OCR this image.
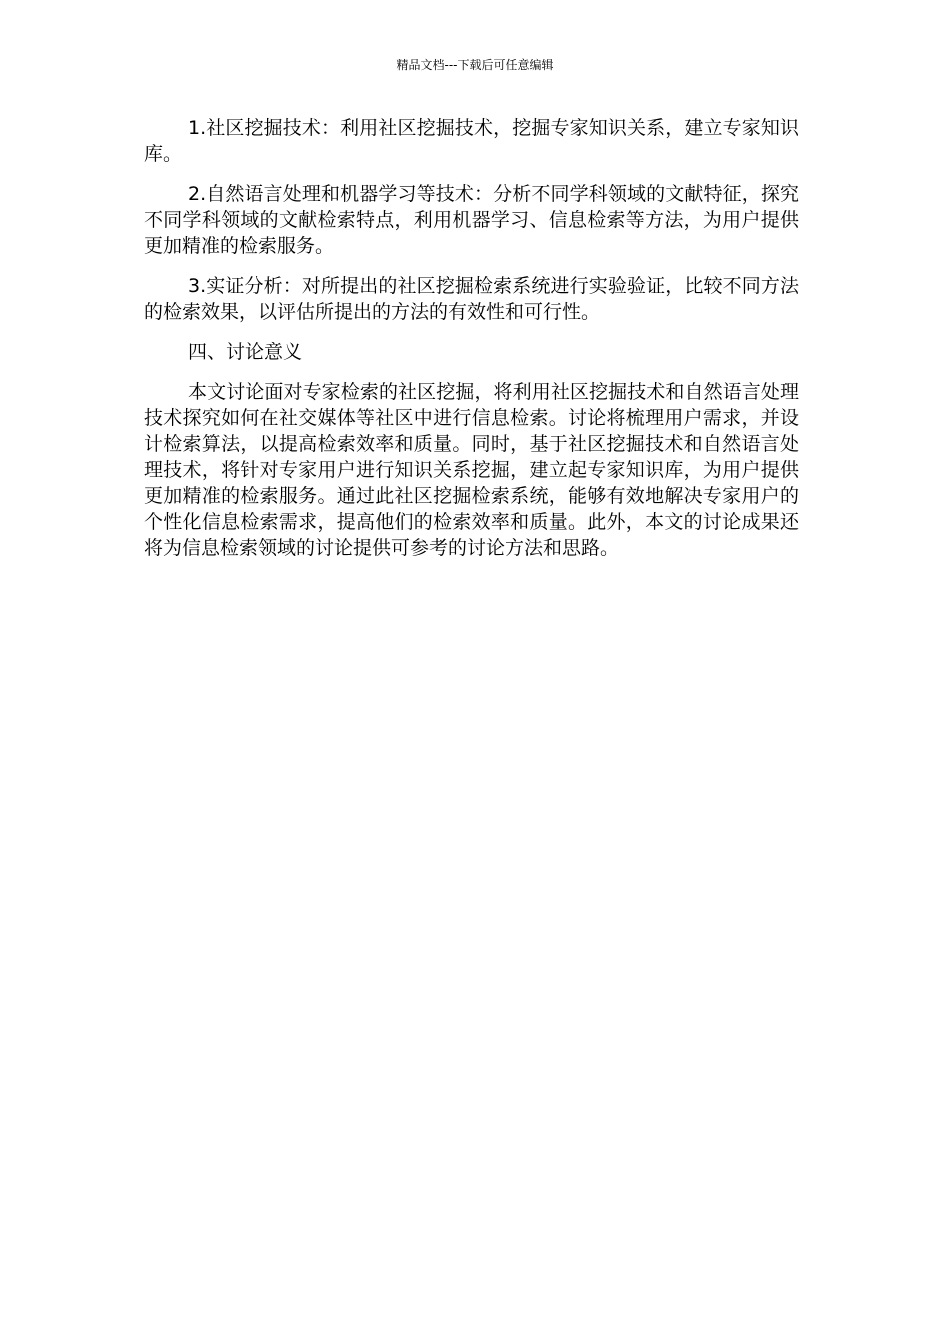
精品文档---下载后可任意编辑

1.社区挖掘技术：利用社区挖掘技术，挖掘专家知识关系，建立专家知识库。

2.自然语言处理和机器学习等技术：分析不同学科领域的文献特征，探究不同学科领域的文献检索特点，利用机器学习、信息检索等方法，为用户提供更加精准的检索服务。

3.实证分析：对所提出的社区挖掘检索系统进行实验验证，比较不同方法的检索效果，以评估所提出的方法的有效性和可行性。

四、讨论意义

本文讨论面对专家检索的社区挖掘，将利用社区挖掘技术和自然语言处理技术探究如何在社交媒体等社区中进行信息检索。讨论将梳理用户需求，并设计检索算法，以提高检索效率和质量。同时，基于社区挖掘技术和自然语言处理技术，将针对专家用户进行知识关系挖掘，建立起专家知识库，为用户提供更加精准的检索服务。通过此社区挖掘检索系统，能够有效地解决专家用户的个性化信息检索需求，提高他们的检索效率和质量。此外，本文的讨论成果还将为信息检索领域的讨论提供可参考的讨论方法和思路。
